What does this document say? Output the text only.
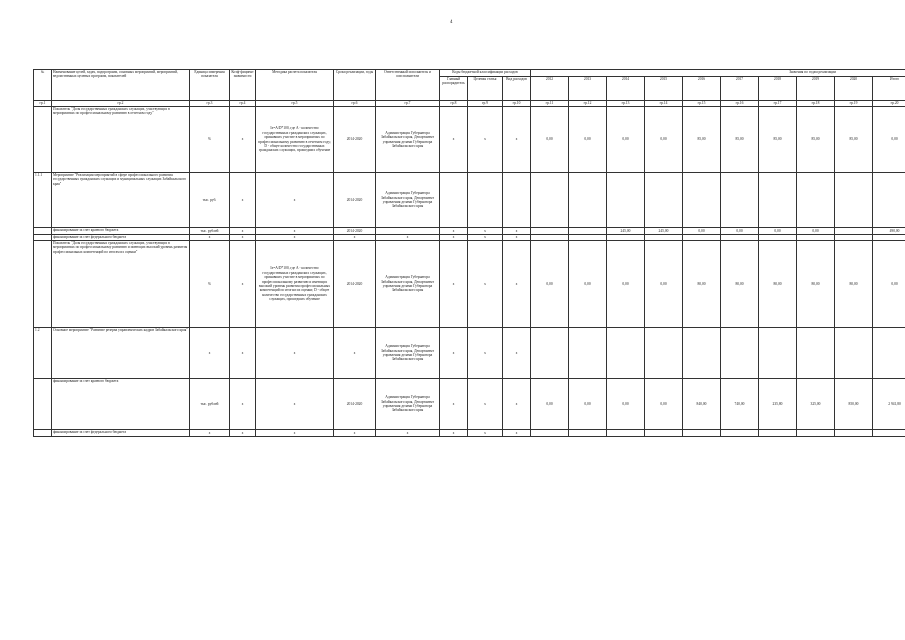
4
№	Наименование целей, задач, подпрограмм, основных мероприятий, мероприятий, ведомственных целевых программ, показателей	Единица измерения показателя	Коэф-фициент значимости	Методика расчета показателя	Сроки реализации, годы	Ответственный исполнитель и соисполнители	Коды бюджетной классификации расходов			Значения по годам реализации									
							Главный распорядитель	Целевая статья	Вид расходов	2012	2013	2014	2015	2016	2017	2018	2019	2020	Итого
гр.1	гр.2	гр.3	гр.4	гр.5	гр.6	гр.7	гр.8	гр.9	гр.10	гр.11	гр.12	гр.13	гр.14	гр.15	гр.16	гр.17	гр.18	гр.19	гр.20
	Показатель "Доля государственных гражданских служащих, участвующих в мероприятиях по профессиональному развитию в отчетном году"	%	x	Iz=A/D*100, где A - количество государственных гражданских служащих, принявших участие в мероприятиях по профессиональному развитию в отчетном году; D - общее количество государственных гражданских служащих, прошедших обучение	2014-2020	Администрация Губернатора Забайкальского края, Департамент управления делами Губернатора Забайкальского края	x	x	x	0,00	0,00	0,00	0,00	85,00	85,00	85,00	85,00	85,00	0,00
1.1.1	Мероприятие "Реализация мероприятий в сфере профессионального развития государственных гражданских служащих и муниципальных служащих Забайкальского края"	тыс. руб.	x	x	2014-2020	Администрация Губернатора Забайкальского края, Департамент управления делами Губернатора Забайкальского края													
	финансирование за счет краевого бюджета	тыс. рублей	x	x	2014-2020		x	x	x			245,00	245,00	0,00	0,00	0,00	0,00		490,00
	финансирование за счет федерального бюджета	x	x	x	x	x	x	x	x										
	Показатель "Доля государственных гражданских служащих, участвующих в мероприятиях по профессиональному развитию и имеющих высокий уровень развития профессиональных компетенций по итогам их оценки"	%	x	Iz=A/D*100, где A - количество государственных гражданских служащих, принявших участие в мероприятиях по профессиональному развитию и имеющих высокий уровень развития профессиональных компетенций по итогам их оценки; D - общее количество государственных гражданских служащих, прошедших обучение	2014-2020	Администрация Губернатора Забайкальского края, Департамент управления делами Губернатора Забайкальского края	x	x	x	0,00	0,00	0,00	0,00	80,00	80,00	80,00	80,00	80,00	0,00
1.2	Основное мероприятие "Развитие резерва управленческих кадров Забайкальского края"	x	x	x	x	Администрация Губернатора Забайкальского края, Департамент управления делами Губернатора Забайкальского края	x	x	x										
	финансирование за счет краевого бюджета	тыс. рублей	x	x	2014-2020	Администрация Губернатора Забайкальского края, Департамент управления делами Губернатора Забайкальского края	x	x	x	0,00	0,00	0,00	0,00	840,00	740,00	235,80	325,00	850,00	2 941,80
	финансирование за счет федерального бюджета	x	x	x	x	x	x	x	x										
